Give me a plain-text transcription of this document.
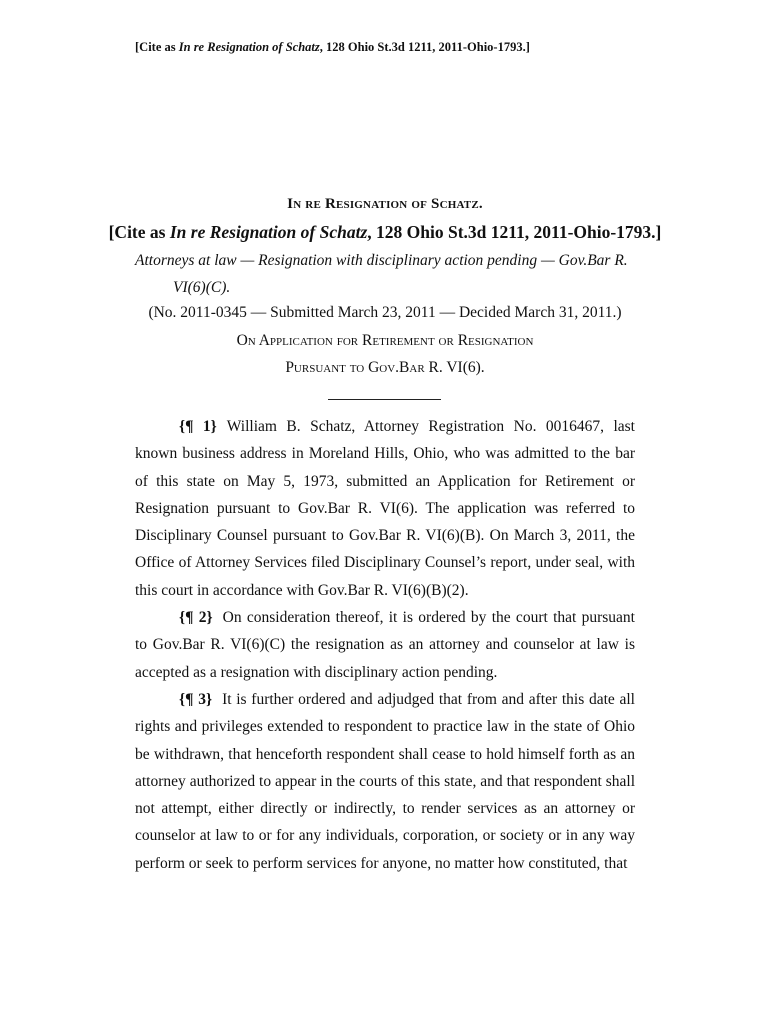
[Cite as In re Resignation of Schatz, 128 Ohio St.3d 1211, 2011-Ohio-1793.]
In re Resignation of Schatz.
[Cite as In re Resignation of Schatz, 128 Ohio St.3d 1211, 2011-Ohio-1793.]
Attorneys at law — Resignation with disciplinary action pending — Gov.Bar R.
VI(6)(C).
(No. 2011-0345 — Submitted March 23, 2011 — Decided March 31, 2011.)
On Application for Retirement or Resignation
Pursuant to Gov.Bar R. VI(6).

{¶ 1} William B. Schatz, Attorney Registration No. 0016467, last known business address in Moreland Hills, Ohio, who was admitted to the bar of this state on May 5, 1973, submitted an Application for Retirement or Resignation pursuant to Gov.Bar R. VI(6). The application was referred to Disciplinary Counsel pursuant to Gov.Bar R. VI(6)(B). On March 3, 2011, the Office of Attorney Services filed Disciplinary Counsel’s report, under seal, with this court in accordance with Gov.Bar R. VI(6)(B)(2).

{¶ 2} On consideration thereof, it is ordered by the court that pursuant to Gov.Bar R. VI(6)(C) the resignation as an attorney and counselor at law is accepted as a resignation with disciplinary action pending.

{¶ 3} It is further ordered and adjudged that from and after this date all rights and privileges extended to respondent to practice law in the state of Ohio be withdrawn, that henceforth respondent shall cease to hold himself forth as an attorney authorized to appear in the courts of this state, and that respondent shall not attempt, either directly or indirectly, to render services as an attorney or counselor at law to or for any individuals, corporation, or society or in any way perform or seek to perform services for anyone, no matter how constituted, that
